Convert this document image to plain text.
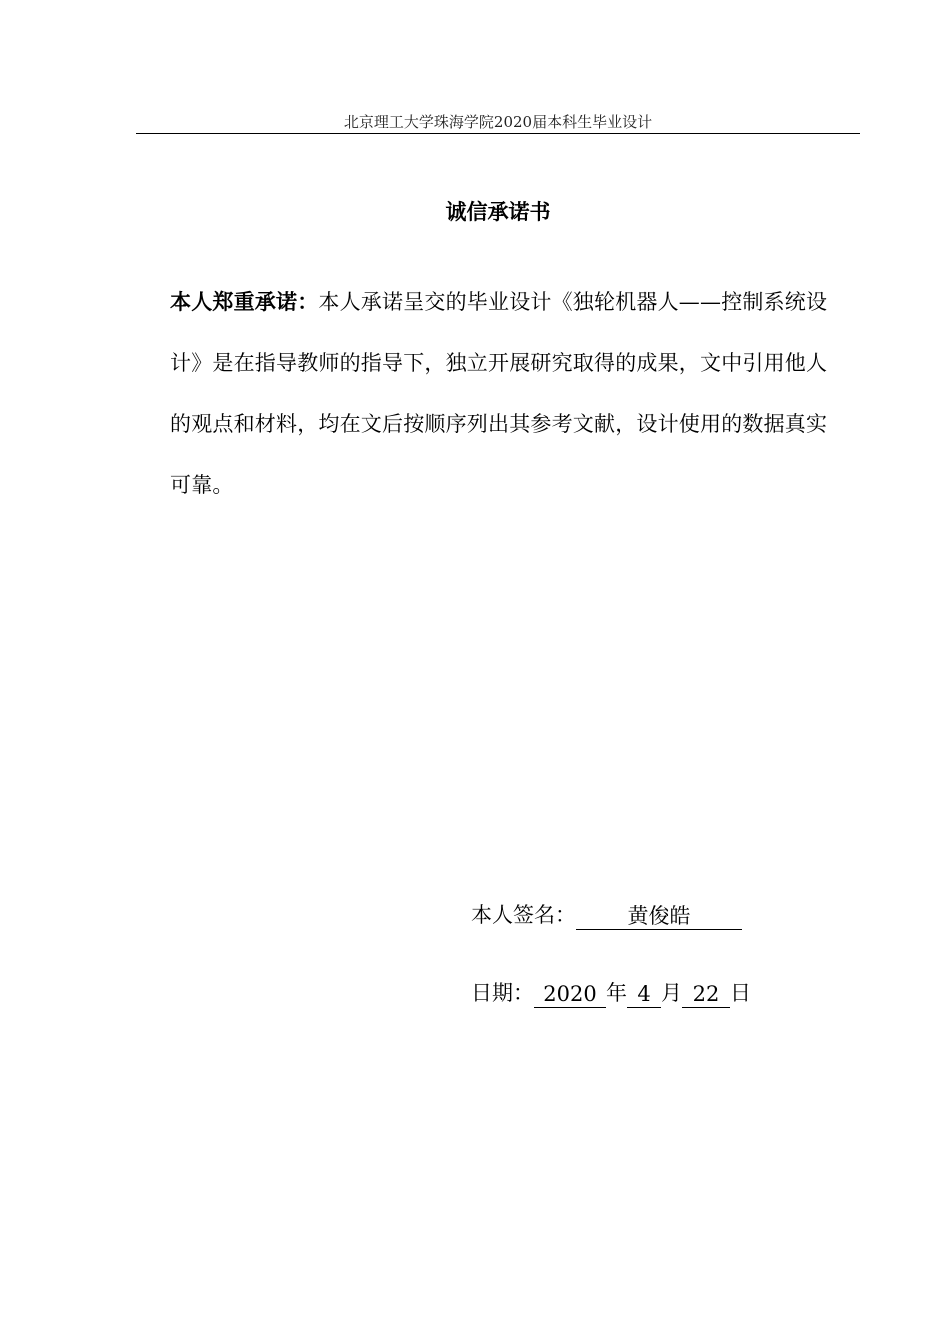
北京理工大学珠海学院2020届本科生毕业设计
诚信承诺书

本人郑重承诺：本人承诺呈交的毕业设计《独轮机器人——控制系统设计》是在指导教师的指导下，独立开展研究取得的成果，文中引用他人的观点和材料，均在文后按顺序列出其参考文献，设计使用的数据真实可靠。

本人签名： 黄俊皓
日期： 2020 年 4 月 22 日
